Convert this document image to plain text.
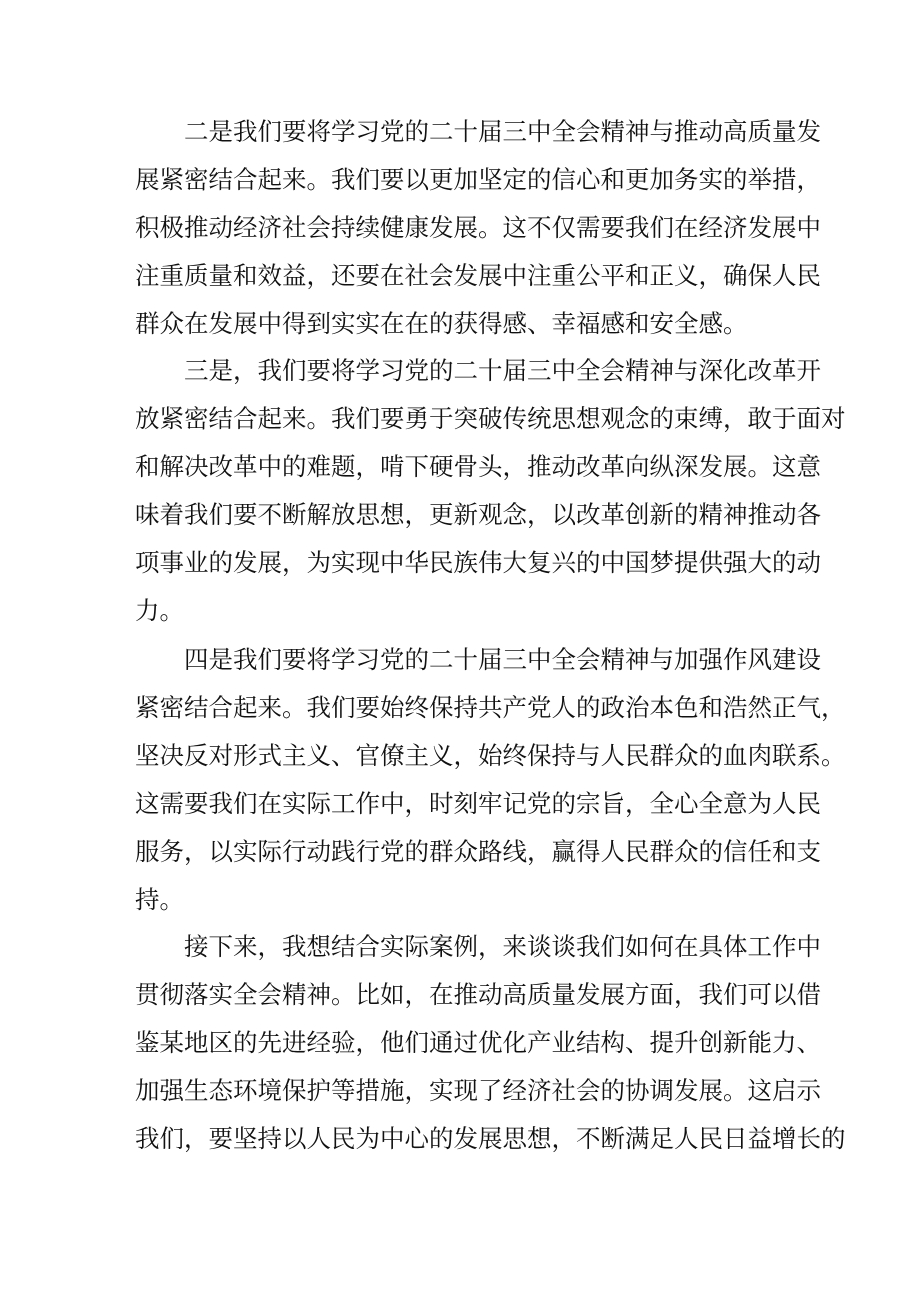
　　二是我们要将学习党的二十届三中全会精神与推动高质量发
展紧密结合起来。我们要以更加坚定的信心和更加务实的举措，
积极推动经济社会持续健康发展。这不仅需要我们在经济发展中
注重质量和效益，还要在社会发展中注重公平和正义，确保人民
群众在发展中得到实实在在的获得感、幸福感和安全感。
　　三是，我们要将学习党的二十届三中全会精神与深化改革开
放紧密结合起来。我们要勇于突破传统思想观念的束缚，敢于面对
和解决改革中的难题，啃下硬骨头，推动改革向纵深发展。这意
味着我们要不断解放思想，更新观念，以改革创新的精神推动各
项事业的发展，为实现中华民族伟大复兴的中国梦提供强大的动
力。
　　四是我们要将学习党的二十届三中全会精神与加强作风建设
紧密结合起来。我们要始终保持共产党人的政治本色和浩然正气，
坚决反对形式主义、官僚主义，始终保持与人民群众的血肉联系。
这需要我们在实际工作中，时刻牢记党的宗旨，全心全意为人民
服务，以实际行动践行党的群众路线，赢得人民群众的信任和支
持。
　　接下来，我想结合实际案例，来谈谈我们如何在具体工作中
贯彻落实全会精神。比如，在推动高质量发展方面，我们可以借
鉴某地区的先进经验，他们通过优化产业结构、提升创新能力、
加强生态环境保护等措施，实现了经济社会的协调发展。这启示
我们，要坚持以人民为中心的发展思想，不断满足人民日益增长的
